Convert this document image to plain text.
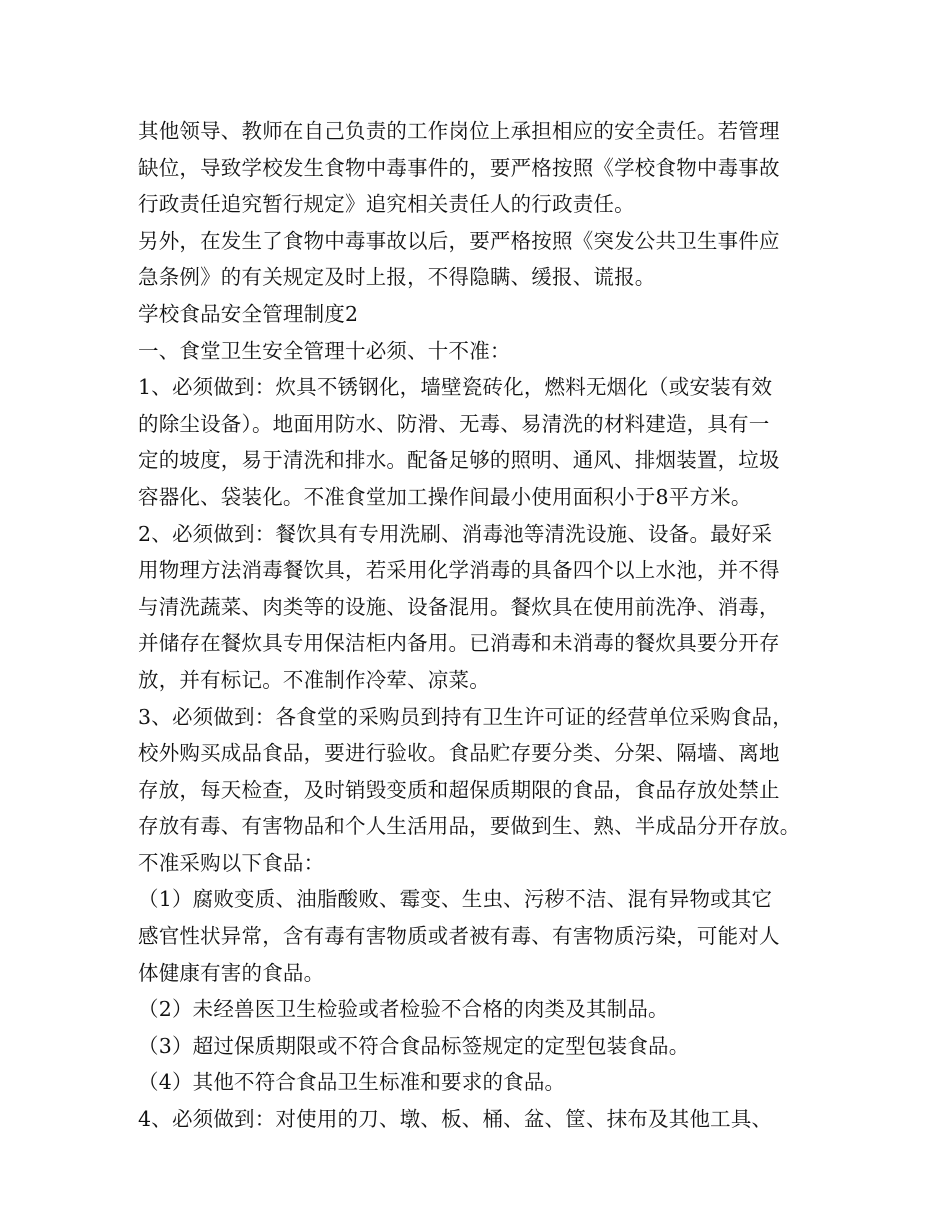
其他领导、教师在自己负责的工作岗位上承担相应的安全责任。若管理
缺位，导致学校发生食物中毒事件的，要严格按照《学校食物中毒事故
行政责任追究暂行规定》追究相关责任人的行政责任。
另外，在发生了食物中毒事故以后，要严格按照《突发公共卫生事件应
急条例》的有关规定及时上报，不得隐瞒、缓报、谎报。
学校食品安全管理制度2
一、食堂卫生安全管理十必须、十不准：
1、必须做到：炊具不锈钢化，墙壁瓷砖化，燃料无烟化（或安装有效
的除尘设备）。地面用防水、防滑、无毒、易清洗的材料建造，具有一
定的坡度，易于清洗和排水。配备足够的照明、通风、排烟装置，垃圾
容器化、袋装化。不准食堂加工操作间最小使用面积小于8平方米。
2、必须做到：餐饮具有专用洗刷、消毒池等清洗设施、设备。最好采
用物理方法消毒餐饮具，若采用化学消毒的具备四个以上水池，并不得
与清洗蔬菜、肉类等的设施、设备混用。餐炊具在使用前洗净、消毒，
并储存在餐炊具专用保洁柜内备用。已消毒和未消毒的餐炊具要分开存
放，并有标记。不准制作冷荤、凉菜。
3、必须做到：各食堂的采购员到持有卫生许可证的经营单位采购食品，
校外购买成品食品，要进行验收。食品贮存要分类、分架、隔墙、离地
存放，每天检查，及时销毁变质和超保质期限的食品，食品存放处禁止
存放有毒、有害物品和个人生活用品，要做到生、熟、半成品分开存放。
不准采购以下食品：
（1）腐败变质、油脂酸败、霉变、生虫、污秽不洁、混有异物或其它
感官性状异常，含有毒有害物质或者被有毒、有害物质污染，可能对人
体健康有害的食品。
（2）未经兽医卫生检验或者检验不合格的肉类及其制品。
（3）超过保质期限或不符合食品标签规定的定型包装食品。
（4）其他不符合食品卫生标准和要求的食品。
4、必须做到：对使用的刀、墩、板、桶、盆、筐、抹布及其他工具、
